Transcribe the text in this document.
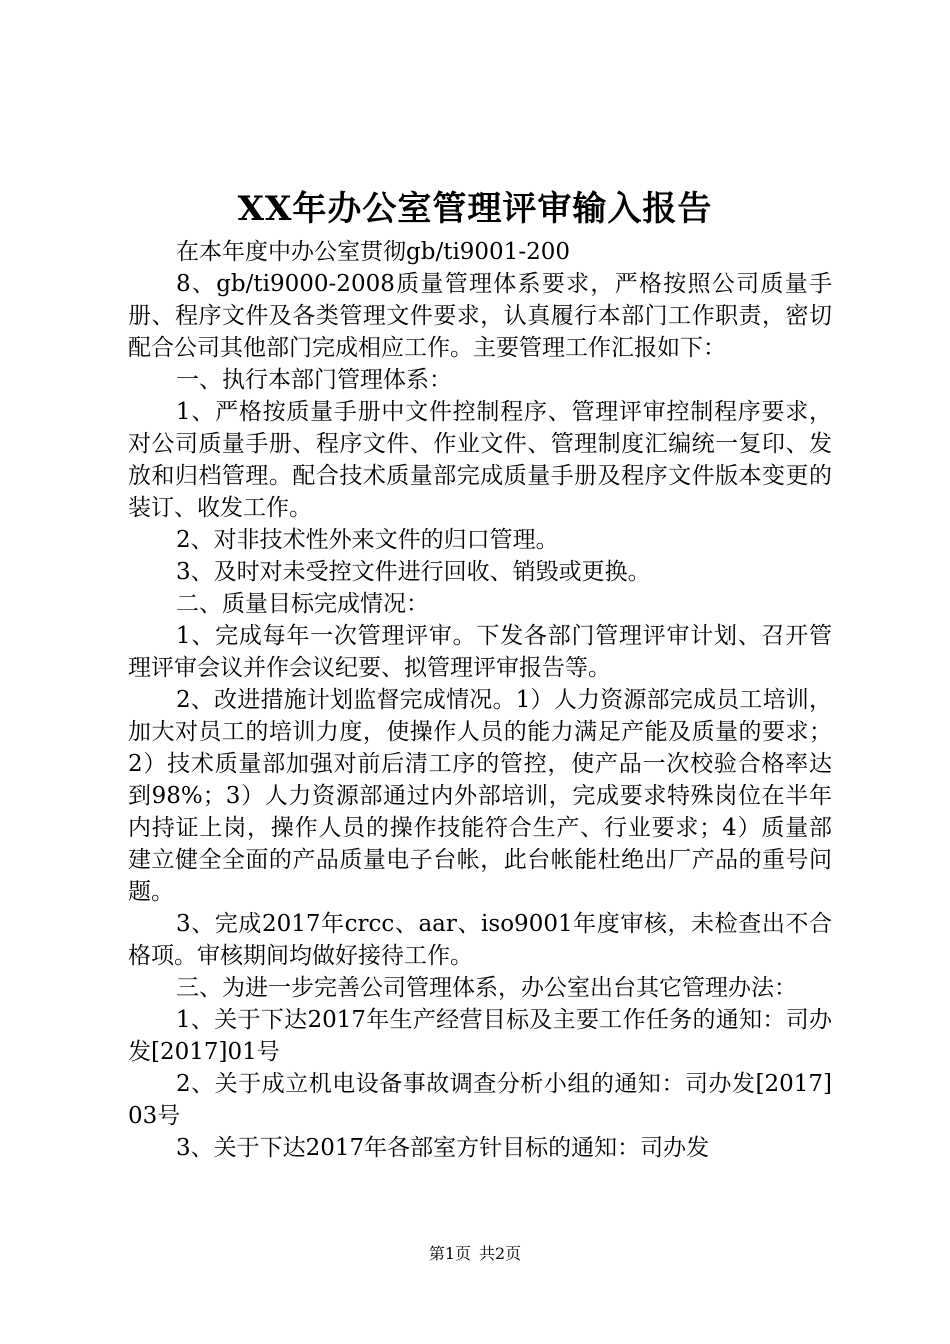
XX年办公室管理评审输入报告

在本年度中办公室贯彻gb/ti9001-200

8、gb/ti9000-2008质量管理体系要求，严格按照公司质量手册、程序文件及各类管理文件要求，认真履行本部门工作职责，密切配合公司其他部门完成相应工作。主要管理工作汇报如下：

一、执行本部门管理体系：

1、严格按质量手册中文件控制程序、管理评审控制程序要求，对公司质量手册、程序文件、作业文件、管理制度汇编统一复印、发放和归档管理。配合技术质量部完成质量手册及程序文件版本变更的装订、收发工作。

2、对非技术性外来文件的归口管理。

3、及时对未受控文件进行回收、销毁或更换。

二、质量目标完成情况：

1、完成每年一次管理评审。下发各部门管理评审计划、召开管理评审会议并作会议纪要、拟管理评审报告等。

2、改进措施计划监督完成情况。1）人力资源部完成员工培训，加大对员工的培训力度，使操作人员的能力满足产能及质量的要求；2）技术质量部加强对前后清工序的管控，使产品一次校验合格率达到98%；3）人力资源部通过内外部培训，完成要求特殊岗位在半年内持证上岗，操作人员的操作技能符合生产、行业要求；4）质量部建立健全全面的产品质量电子台帐，此台帐能杜绝出厂产品的重号问题。

3、完成2017年crcc、aar、iso9001年度审核，未检查出不合格项。审核期间均做好接待工作。

三、为进一步完善公司管理体系，办公室出台其它管理办法：

1、关于下达2017年生产经营目标及主要工作任务的通知：司办发[2017]01号

2、关于成立机电设备事故调查分析小组的通知：司办发[2017]03号

3、关于下达2017年各部室方针目标的通知：司办发

第1页 共2页
